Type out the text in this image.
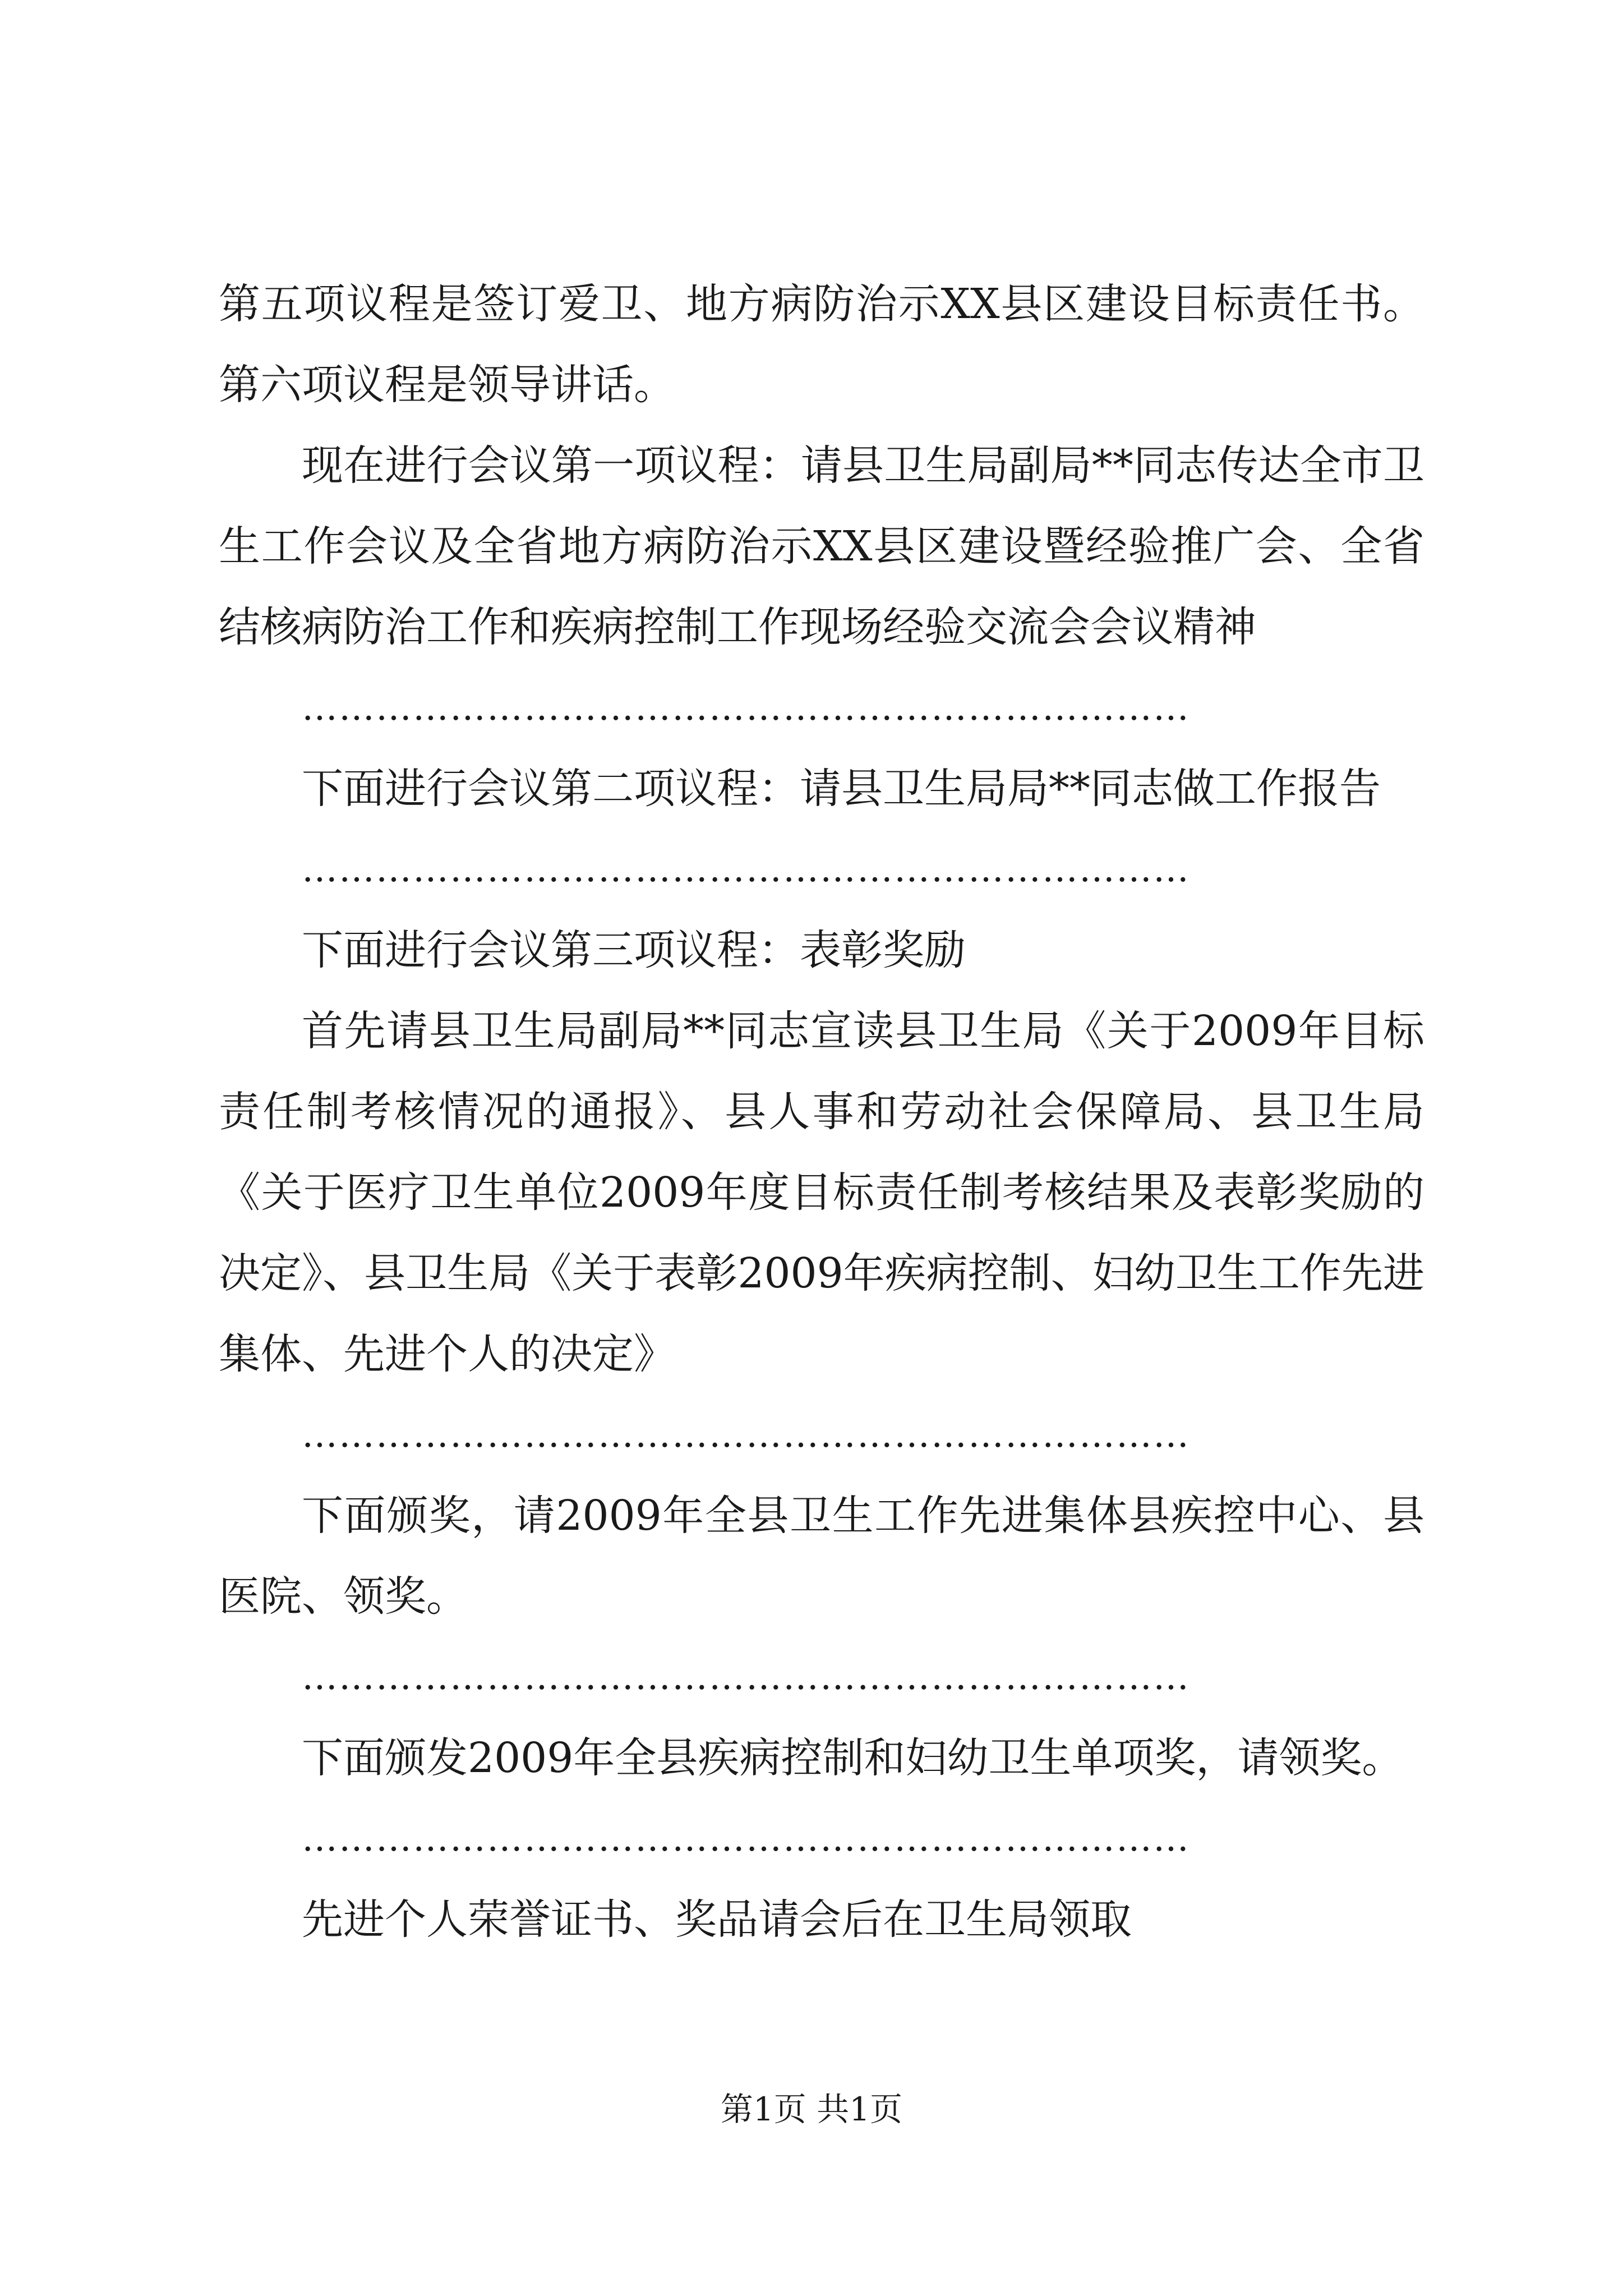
第五项议程是签订爱卫、地方病防治示XX县区建设目标责任书。第六项议程是领导讲话。

现在进行会议第一项议程：请县卫生局副局**同志传达全市卫生工作会议及全省地方病防治示XX县区建设暨经验推广会、全省结核病防治工作和疾病控制工作现场经验交流会会议精神

………………………………………………………………

下面进行会议第二项议程：请县卫生局局**同志做工作报告

………………………………………………………………

下面进行会议第三项议程：表彰奖励

首先请县卫生局副局**同志宣读县卫生局《关于2009年目标责任制考核情况的通报》、县人事和劳动社会保障局、县卫生局《关于医疗卫生单位2009年度目标责任制考核结果及表彰奖励的决定》、县卫生局《关于表彰2009年疾病控制、妇幼卫生工作先进集体、先进个人的决定》

………………………………………………………………

下面颁奖，请2009年全县卫生工作先进集体县疾控中心、县医院、领奖。

………………………………………………………………

下面颁发2009年全县疾病控制和妇幼卫生单项奖，请领奖。

………………………………………………………………

先进个人荣誉证书、奖品请会后在卫生局领取

第1页 共1页
